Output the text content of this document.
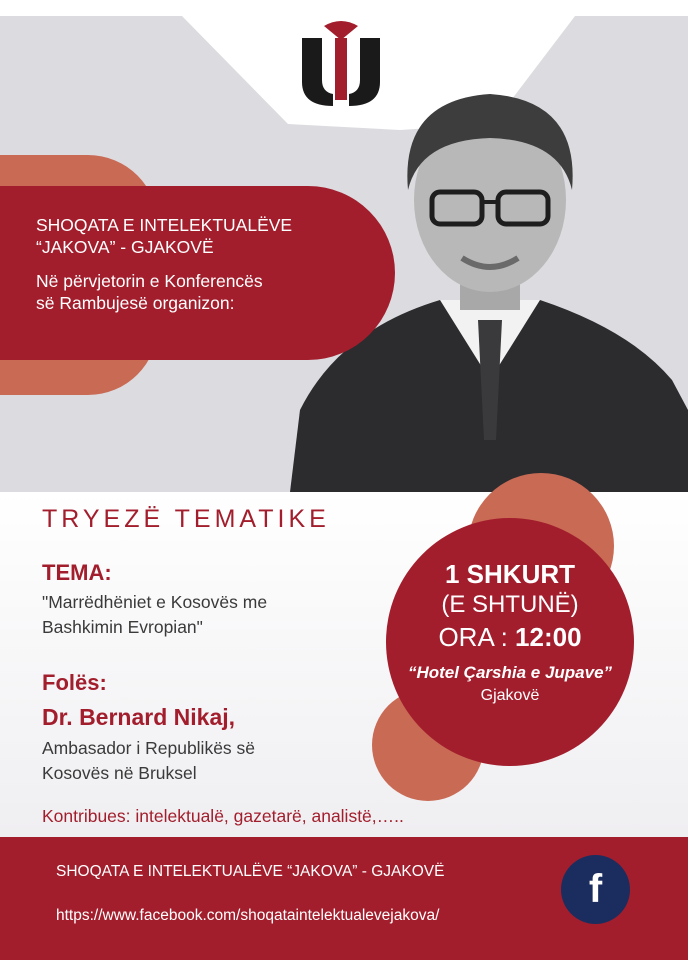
SHOQATA E INTELEKTUALËVE
“JAKOVA” - GJAKOVË
Në përvjetorin e Konferencës
së Rambujesë organizon:
TRYEZË TEMATIKE
TEMA:
"Marrëdhëniet e Kosovës me
Bashkimin Evropian"
Folës:
Dr. Bernard Nikaj,
Ambasador i Republikës së
Kosovës në Bruksel
Kontribues: intelektualë, gazetarë, analistë,…..
1 SHKURT
(E SHTUNË)
ORA : 12:00
“Hotel Çarshia e Jupave”
Gjakovë
SHOQATA E INTELEKTUALËVE “JAKOVA” - GJAKOVË
https://www.facebook.com/shoqataintelektualevejakova/
f
